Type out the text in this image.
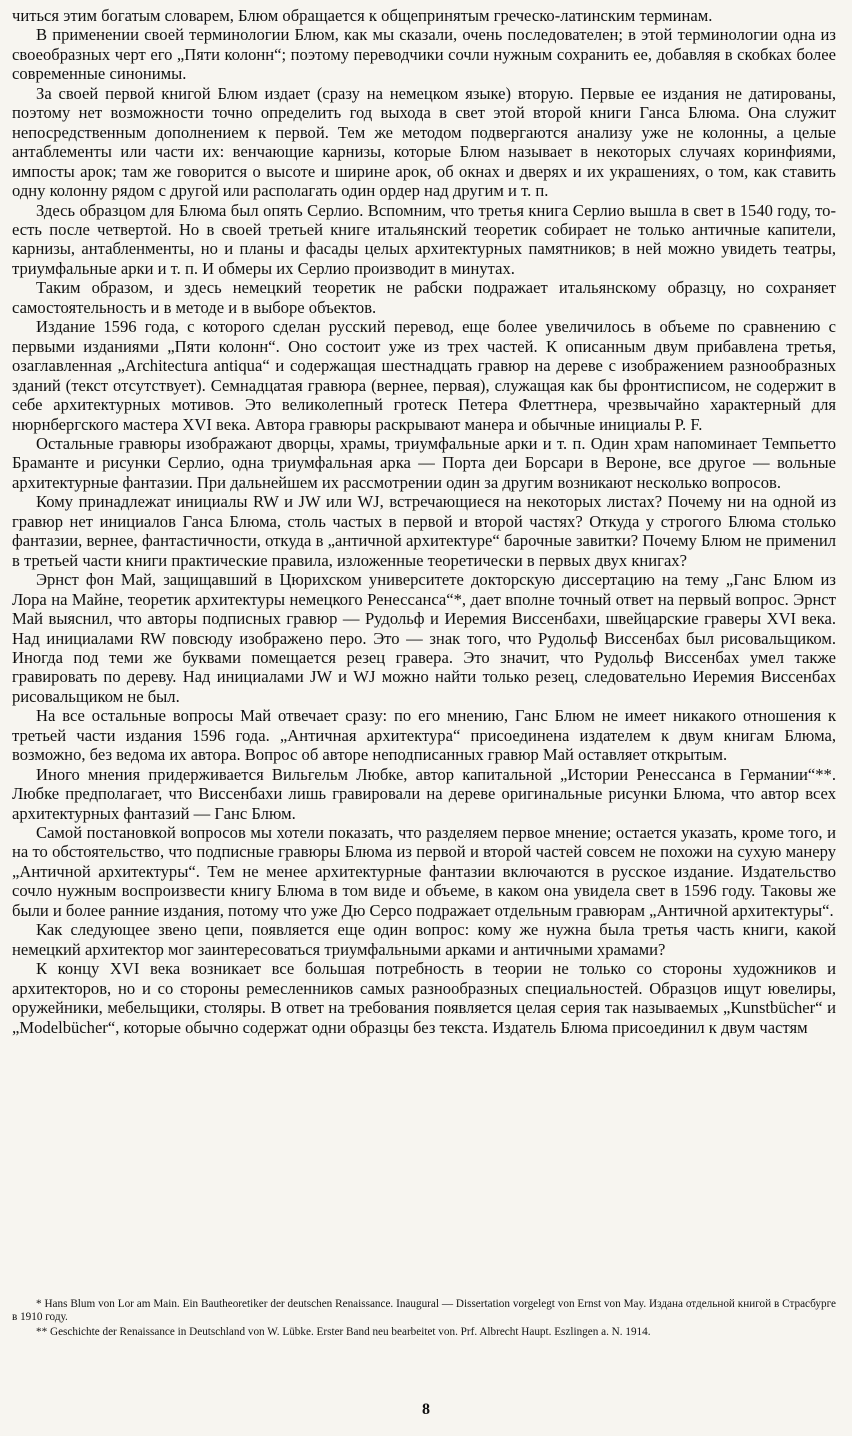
читься этим богатым словарем, Блюм обращается к общепринятым греческо-латинским терминам.

В применении своей терминологии Блюм, как мы сказали, очень последователен; в этой терминологии одна из своеобразных черт его „Пяти колонн“; поэтому переводчики сочли нужным сохранить ее, добавляя в скобках более современные синонимы.

За своей первой книгой Блюм издает (сразу на немецком языке) вторую. Первые ее издания не датированы, поэтому нет возможности точно определить год выхода в свет этой второй книги Ганса Блюма. Она служит непосредственным дополнением к первой. Тем же методом подвергаются анализу уже не колонны, а целые антаблементы или части их: венчающие карнизы, которые Блюм называет в некоторых случаях коринфиями, импосты арок; там же говорится о высоте и ширине арок, об окнах и дверях и их украшениях, о том, как ставить одну колонну рядом с другой или располагать один ордер над другим и т. п.

Здесь образцом для Блюма был опять Серлио. Вспомним, что третья книга Серлио вышла в свет в 1540 году, то-есть после четвертой. Но в своей третьей книге итальянский теоретик собирает не только античные капители, карнизы, антабленменты, но и планы и фасады целых архитектурных памятников; в ней можно увидеть театры, триумфальные арки и т. п. И обмеры их Серлио производит в минутах.

Таким образом, и здесь немецкий теоретик не рабски подражает итальянскому образцу, но сохраняет самостоятельность и в методе и в выборе объектов.

Издание 1596 года, с которого сделан русский перевод, еще более увеличилось в объеме по сравнению с первыми изданиями „Пяти колонн“. Оно состоит уже из трех частей. К описанным двум прибавлена третья, озаглавленная „Architectura antiqua“ и содержащая шестнадцать гравюр на дереве с изображением разнообразных зданий (текст отсутствует). Семнадцатая гравюра (вернее, первая), служащая как бы фронтисписом, не содержит в себе архитектурных мотивов. Это великолепный гротеск Петера Флеттнера, чрезвычайно характерный для нюрнбергского мастера XVI века. Автора гравюры раскрывают манера и обычные инициалы P. F.

Остальные гравюры изображают дворцы, храмы, триумфальные арки и т. п. Один храм напоминает Темпьетто Браманте и рисунки Серлио, одна триумфальная арка — Порта деи Борсари в Вероне, все другое — вольные архитектурные фантазии. При дальнейшем их рассмотрении один за другим возникают несколько вопросов.

Кому принадлежат инициалы RW и JW или WJ, встречающиеся на некоторых листах? Почему ни на одной из гравюр нет инициалов Ганса Блюма, столь частых в первой и второй частях? Откуда у строгого Блюма столько фантазии, вернее, фантастичности, откуда в „античной архитектуре“ барочные завитки? Почему Блюм не применил в третьей части книги практические правила, изложенные теоретически в первых двух книгах?

Эрнст фон Май, защищавший в Цюрихском университете докторскую диссертацию на тему „Ганс Блюм из Лора на Майне, теоретик архитектуры немецкого Ренессанса“*, дает вполне точный ответ на первый вопрос. Эрнст Май выяснил, что авторы подписных гравюр — Рудольф и Иеремия Виссенбахи, швейцарские граверы XVI века. Над инициалами RW повсюду изображено перо. Это — знак того, что Рудольф Виссенбах был рисовальщиком. Иногда под теми же буквами помещается резец гравера. Это значит, что Рудольф Виссенбах умел также гравировать по дереву. Над инициалами JW и WJ можно найти только резец, следовательно Иеремия Виссенбах рисовальщиком не был.

На все остальные вопросы Май отвечает сразу: по его мнению, Ганс Блюм не имеет никакого отношения к третьей части издания 1596 года. „Античная архитектура“ присоединена издателем к двум книгам Блюма, возможно, без ведома их автора. Вопрос об авторе неподписанных гравюр Май оставляет открытым.

Иного мнения придерживается Вильгельм Любке, автор капитальной „Истории Ренессанса в Германии“**. Любке предполагает, что Виссенбахи лишь гравировали на дереве оригинальные рисунки Блюма, что автор всех архитектурных фантазий — Ганс Блюм.

Самой постановкой вопросов мы хотели показать, что разделяем первое мнение; остается указать, кроме того, и на то обстоятельство, что подписные гравюры Блюма из первой и второй частей совсем не похожи на сухую манеру „Античной архитектуры“. Тем не менее архитектурные фантазии включаются в русское издание. Издательство сочло нужным воспроизвести книгу Блюма в том виде и объеме, в каком она увидела свет в 1596 году. Таковы же были и более ранние издания, потому что уже Дю Серсо подражает отдельным гравюрам „Античной архитектуры“.

Как следующее звено цепи, появляется еще один вопрос: кому же нужна была третья часть книги, какой немецкий архитектор мог заинтересоваться триумфальными арками и античными храмами?

К концу XVI века возникает все большая потребность в теории не только со стороны художников и архитекторов, но и со стороны ремесленников самых разнообразных специальностей. Образцов ищут ювелиры, оружейники, мебельщики, столяры. В ответ на требования появляется целая серия так называемых „Kunstbücher“ и „Modelbücher“, которые обычно содержат одни образцы без текста. Издатель Блюма присоединил к двум частям

* Hans Blum von Lor am Main. Ein Bautheoretiker der deutschen Renaissance. Inaugural — Dissertation vorgelegt von Ernst von May. Издана отдельной книгой в Страсбурге в 1910 году.

** Geschichte der Renaissance in Deutschland von W. Lübke. Erster Band neu bearbeitet von. Prf. Albrecht Haupt. Eszlingen a. N. 1914.

8
